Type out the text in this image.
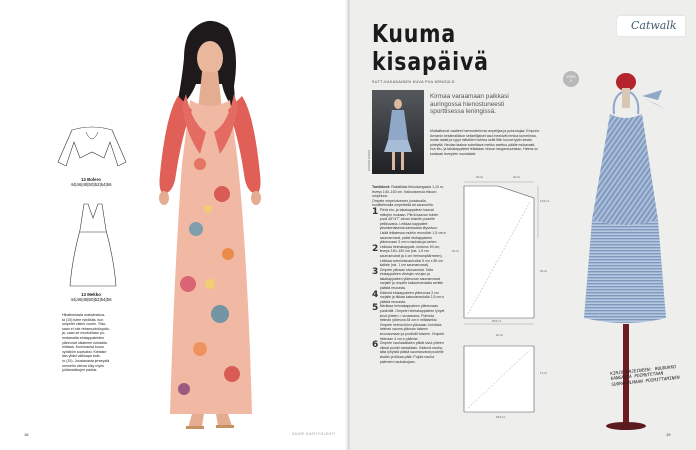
13 Bolero
44|46|48|50|52|54|56
13 Mekko
44|46|48|50|52|54|56
Hihattomasta maksimekos-
ta (15) tulee ryhdikäs, kun
ompelet olkien vuorin. Yläo-
saan ei tule rintamuotoilupalo-
ja, vaan se muotoillaan po-
mutamalla etukappaleiden
yläreunat olkaimen kohdalta
mittaan. Kuminauha kuroo
vyötärön sopivaksi. Kietaise
ilan ylläsi vaikkapa bole-
ro (15). Joustavasta jerseystä
ommeltu vienos kiky myös
juhlamekkojen pariksi.
18	SUURI KÄSITYÖLEHTI
Catwalk
Kuuma
kisapäivä
SUTT-KAKAKAINEN KUVA PIIA ARNOULD
EMPORIO ARMANI
Kirmaa varaamaan paikkasi auringossa hienostuneesti sporttisessa leningissä.
Mutkattomat vaatteet hemmottelevat ompelijaa ja pukeutujaa. Emporio Armanin kesämalliston sekkeilijaiset asut henkivät rentoa tunnelmaa, mutta raidat ja rypyt mittaillen hohtoa sellä fiilin luovat tyylin kesän pirteyttä. Neulan taakse solmittava mekko asettuu pääile mukavasti, kun etu- ja takakappaleet leikataan vinoon langansuuntaan. Helma on kankaan leveyden suoralaide.
VOKE
9
Tarvikkeet: Raidallista trikookangasta 1,10 m, leveys 140–150 cm. Kaksoisneula trikoon ompeluun.
Ompele ompelukoneen joustavalla, huolittelevalla ompeleella tai saumurilla.
1 Piirrä etu- ja takakappaleen kaavat mittojen mukaan. Piirrä kaavan toinen puoli 45°/47°-viivan toiselle puolelle peilikuvana. Leikkaa kappaleet yksinkertaisesta kankaasta täyssivun. Lisää leikatessa muihin reunoihin 1,5 cm:n saumanvarat, paitsi etukappaleen yläreunaan 3 cm:n nauhakuja varten.
2 Leikkaa helmakappale, korkeus 50 cm, leveys 140–150 cm (sis. 1,5 cm saumanvarat ja 4 cm helmanpäärmeen). Leikkaa solmimisnauhoiksi 5 cm x 80 cm kaitale (sis. 1 cm saumanvarat).
3 Ompele yläosan sivusaumat. Taita etukappaleen viistojen sivujen ja takakappaleen yläreunan saumanvarat nurjalle ja ompele kaksoisneulalla senttin päästä reunasta.
4 Käännä etukappaleen yläreunaa 3 cm nurjalle ja tikkaa kaksoisneulalla 2,5 cm:n päästä reunasta.
5 Merkkaa helmakappaleen yläreunaan puolivälit. Ompele helmakappaleen lyhyet sivut yhteen = sivusauma. Poimuta helman yläreuna 84 cm:n mittaiseksi. Ompele helma kiinni yläosaan, kohdista helman sauma yläosan toiseen sivusaumaan ja puoliväli toiseen. Ompele helmaan 4 cm:n päärme.
6 Ompele nauhakaitalen pitkät sivut yhteen oikeat puolet vastakkain. Käännä nauha, taita lyhyistä päistä saumanvarat puolelle sisään ja tikkaa päät. Pujota nauha päärmen nauhakujaan.
32 cm	32 cm
14,5 cm
30 cm
40 cm
25,5 cm
16 cm
17 cm
25,5 cm
KIRJO OHJEINEEN: RUUDUKKO KANGASTA POIMUTETAAN SUORAKULMAAN POIMITTAMINEN
19
